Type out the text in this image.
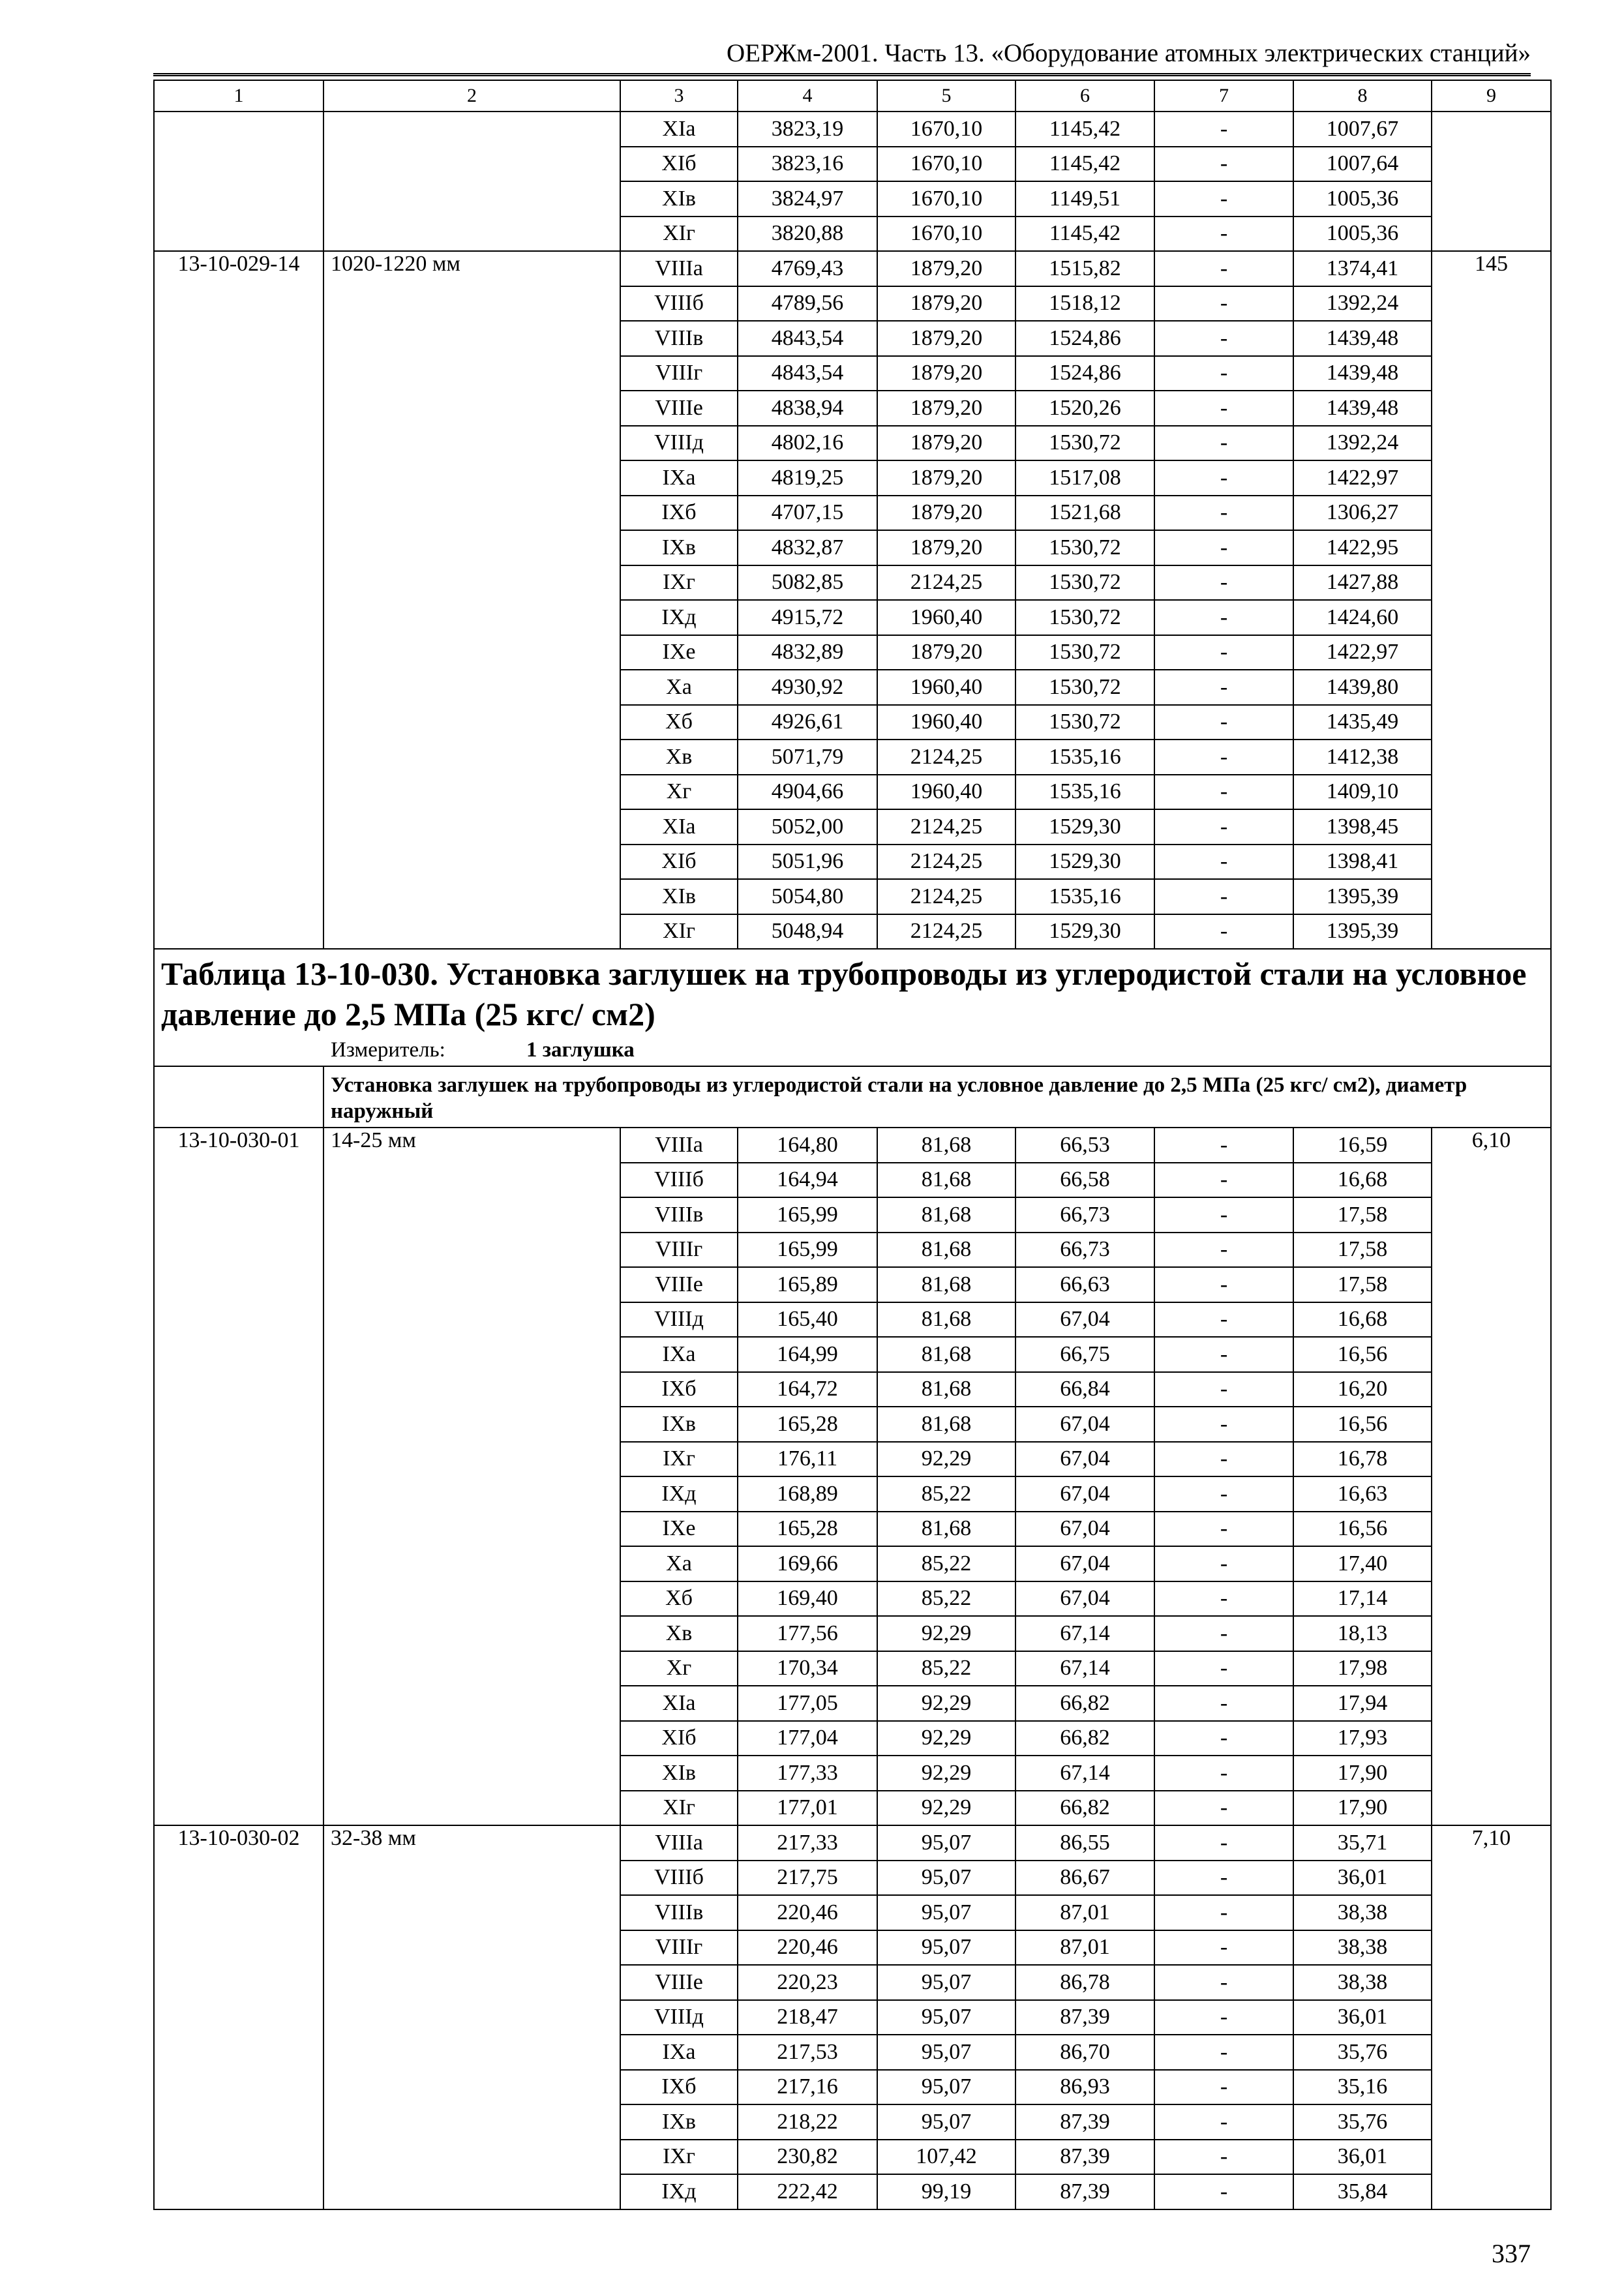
ОЕРЖм-2001. Часть 13. «Оборудование атомных электрических станций»
1	2	3	4	5	6	7	8	9
		XIа	3823,19	1670,10	1145,42	-	1007,67	
		XIб	3823,16	1670,10	1145,42	-	1007,64	
		XIв	3824,97	1670,10	1149,51	-	1005,36	
		XIг	3820,88	1670,10	1145,42	-	1005,36	
13-10-029-14	1020-1220 мм	VIIIа	4769,43	1879,20	1515,82	-	1374,41	145
		VIIIб	4789,56	1879,20	1518,12	-	1392,24	
		VIIIв	4843,54	1879,20	1524,86	-	1439,48	
		VIIIг	4843,54	1879,20	1524,86	-	1439,48	
		VIIIе	4838,94	1879,20	1520,26	-	1439,48	
		VIIIд	4802,16	1879,20	1530,72	-	1392,24	
		IXа	4819,25	1879,20	1517,08	-	1422,97	
		IXб	4707,15	1879,20	1521,68	-	1306,27	
		IXв	4832,87	1879,20	1530,72	-	1422,95	
		IXг	5082,85	2124,25	1530,72	-	1427,88	
		IXд	4915,72	1960,40	1530,72	-	1424,60	
		IXе	4832,89	1879,20	1530,72	-	1422,97	
		Xа	4930,92	1960,40	1530,72	-	1439,80	
		Xб	4926,61	1960,40	1530,72	-	1435,49	
		Xв	5071,79	2124,25	1535,16	-	1412,38	
		Xг	4904,66	1960,40	1535,16	-	1409,10	
		XIа	5052,00	2124,25	1529,30	-	1398,45	
		XIб	5051,96	2124,25	1529,30	-	1398,41	
		XIв	5054,80	2124,25	1535,16	-	1395,39	
		XIг	5048,94	2124,25	1529,30	-	1395,39	

Таблица 13-10-030. Установка заглушек на трубопроводы из углеродистой стали на условное давление до 2,5 МПа (25 кгс/ см2)
Измеритель: 1 заглушка								

	Установка заглушек на трубопроводы из углеродистой стали на условное давление до 2,5 МПа (25 кгс/ см2), диаметр наружный							
13-10-030-01	14-25 мм	VIIIа	164,80	81,68	66,53	-	16,59	6,10
		VIIIб	164,94	81,68	66,58	-	16,68	
		VIIIв	165,99	81,68	66,73	-	17,58	
		VIIIг	165,99	81,68	66,73	-	17,58	
		VIIIе	165,89	81,68	66,63	-	17,58	
		VIIIд	165,40	81,68	67,04	-	16,68	
		IXа	164,99	81,68	66,75	-	16,56	
		IXб	164,72	81,68	66,84	-	16,20	
		IXв	165,28	81,68	67,04	-	16,56	
		IXг	176,11	92,29	67,04	-	16,78	
		IXд	168,89	85,22	67,04	-	16,63	
		IXе	165,28	81,68	67,04	-	16,56	
		Xа	169,66	85,22	67,04	-	17,40	
		Xб	169,40	85,22	67,04	-	17,14	
		Xв	177,56	92,29	67,14	-	18,13	
		Xг	170,34	85,22	67,14	-	17,98	
		XIа	177,05	92,29	66,82	-	17,94	
		XIб	177,04	92,29	66,82	-	17,93	
		XIв	177,33	92,29	67,14	-	17,90	
		XIг	177,01	92,29	66,82	-	17,90	
13-10-030-02	32-38 мм	VIIIа	217,33	95,07	86,55	-	35,71	7,10
		VIIIб	217,75	95,07	86,67	-	36,01	
		VIIIв	220,46	95,07	87,01	-	38,38	
		VIIIг	220,46	95,07	87,01	-	38,38	
		VIIIе	220,23	95,07	86,78	-	38,38	
		VIIIд	218,47	95,07	87,39	-	36,01	
		IXа	217,53	95,07	86,70	-	35,76	
		IXб	217,16	95,07	86,93	-	35,16	
		IXв	218,22	95,07	87,39	-	35,76	
		IXг	230,82	107,42	87,39	-	36,01	
		IXд	222,42	99,19	87,39	-	35,84	
337
